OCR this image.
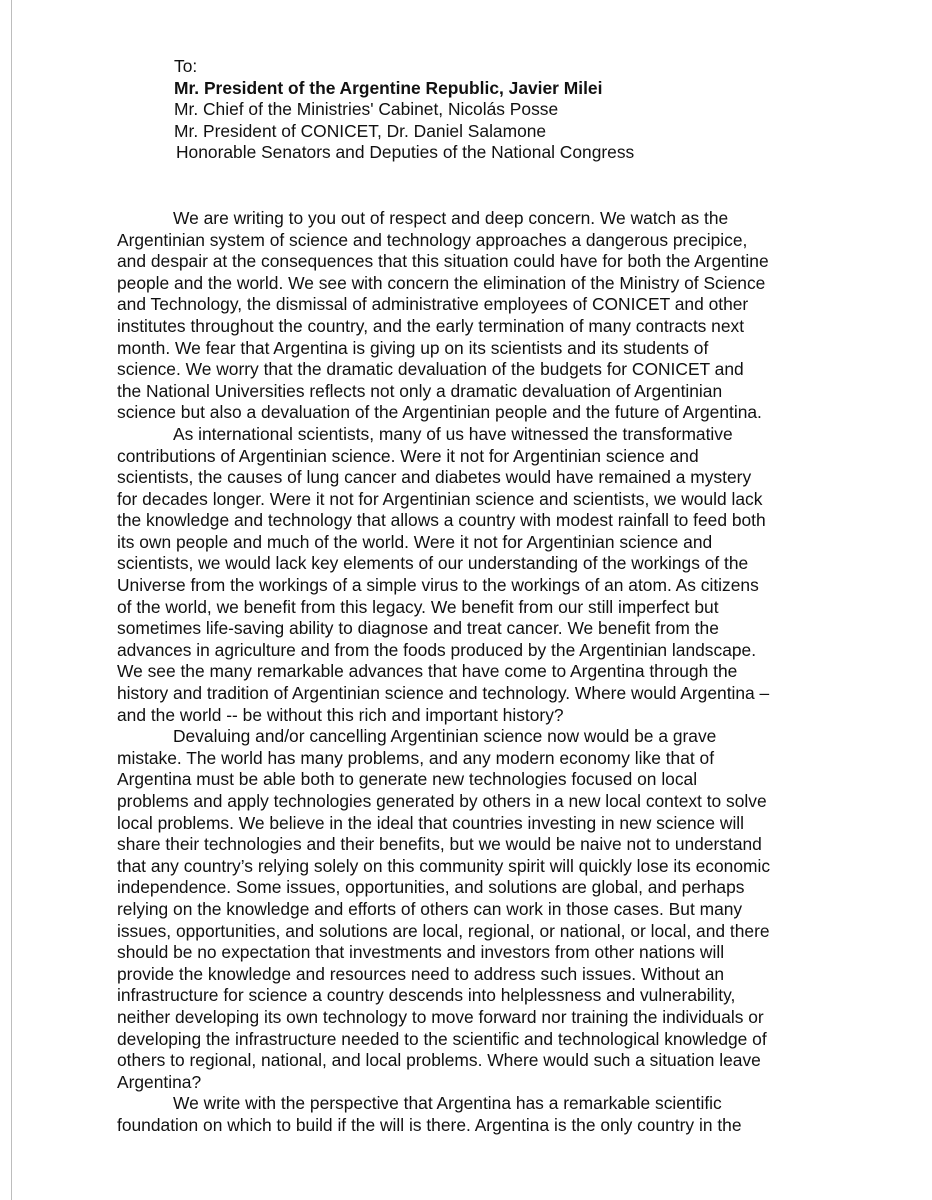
To:
Mr. President of the Argentine Republic, Javier Milei
Mr. Chief of the Ministries' Cabinet, Nicolás Posse
Mr. President of CONICET, Dr. Daniel Salamone
Honorable Senators and Deputies of the National Congress
We are writing to you out of respect and deep concern. We watch as the
Argentinian system of science and technology approaches a dangerous precipice,
and despair at the consequences that this situation could have for both the Argentine
people and the world. We see with concern the elimination of the Ministry of Science
and Technology, the dismissal of administrative employees of CONICET and other
institutes throughout the country, and the early termination of many contracts next
month. We fear that Argentina is giving up on its scientists and its students of
science. We worry that the dramatic devaluation of the budgets for CONICET and
the National Universities reflects not only a dramatic devaluation of Argentinian
science but also a devaluation of the Argentinian people and the future of Argentina.
As international scientists, many of us have witnessed the transformative
contributions of Argentinian science. Were it not for Argentinian science and
scientists, the causes of lung cancer and diabetes would have remained a mystery
for decades longer. Were it not for Argentinian science and scientists, we would lack
the knowledge and technology that allows a country with modest rainfall to feed both
its own people and much of the world. Were it not for Argentinian science and
scientists, we would lack key elements of our understanding of the workings of the
Universe from the workings of a simple virus to the workings of an atom. As citizens
of the world, we benefit from this legacy. We benefit from our still imperfect but
sometimes life-saving ability to diagnose and treat cancer. We benefit from the
advances in agriculture and from the foods produced by the Argentinian landscape.
We see the many remarkable advances that have come to Argentina through the
history and tradition of Argentinian science and technology. Where would Argentina –
and the world -- be without this rich and important history?
Devaluing and/or cancelling Argentinian science now would be a grave
mistake. The world has many problems, and any modern economy like that of
Argentina must be able both to generate new technologies focused on local
problems and apply technologies generated by others in a new local context to solve
local problems. We believe in the ideal that countries investing in new science will
share their technologies and their benefits, but we would be naive not to understand
that any country’s relying solely on this community spirit will quickly lose its economic
independence. Some issues, opportunities, and solutions are global, and perhaps
relying on the knowledge and efforts of others can work in those cases. But many
issues, opportunities, and solutions are local, regional, or national, or local, and there
should be no expectation that investments and investors from other nations will
provide the knowledge and resources need to address such issues. Without an
infrastructure for science a country descends into helplessness and vulnerability,
neither developing its own technology to move forward nor training the individuals or
developing the infrastructure needed to the scientific and technological knowledge of
others to regional, national, and local problems. Where would such a situation leave
Argentina?
We write with the perspective that Argentina has a remarkable scientific
foundation on which to build if the will is there. Argentina is the only country in the
